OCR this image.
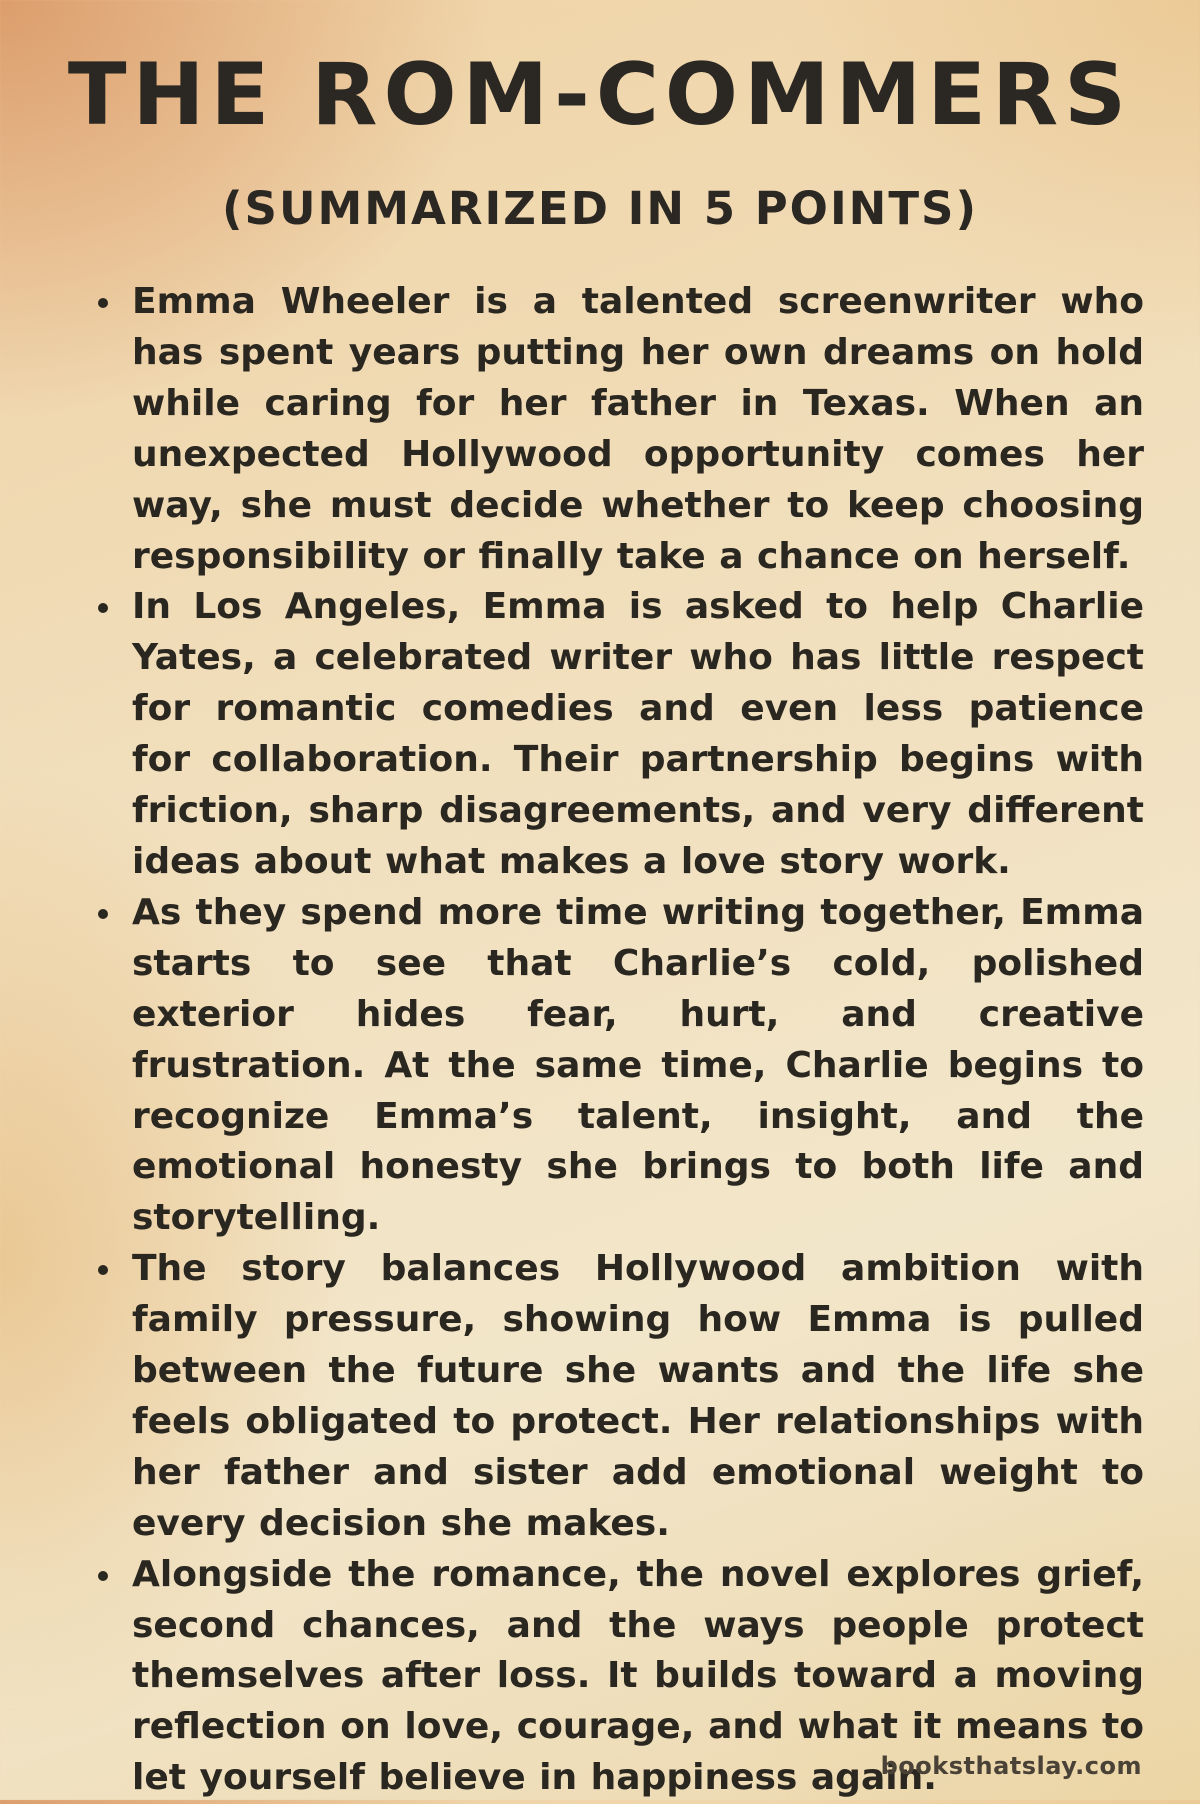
THE ROM-COMMERS
(SUMMARIZED IN 5 POINTS)
Emma Wheeler is a talented screenwriter who has spent years putting her own dreams on hold while caring for her father in Texas. When an unexpected Hollywood opportunity comes her way, she must decide whether to keep choosing responsibility or finally take a chance on herself.
In Los Angeles, Emma is asked to help Charlie Yates, a celebrated writer who has little respect for romantic comedies and even less patience for collaboration. Their partnership begins with friction, sharp disagreements, and very different ideas about what makes a love story work.
As they spend more time writing together, Emma starts to see that Charlie’s cold, polished exterior hides fear, hurt, and creative frustration. At the same time, Charlie begins to recognize Emma’s talent, insight, and the emotional honesty she brings to both life and storytelling.
The story balances Hollywood ambition with family pressure, showing how Emma is pulled between the future she wants and the life she feels obligated to protect. Her relationships with her father and sister add emotional weight to every decision she makes.
Alongside the romance, the novel explores grief, second chances, and the ways people protect themselves after loss. It builds toward a moving reflection on love, courage, and what it means to let yourself believe in happiness again.
booksthatslay.com
